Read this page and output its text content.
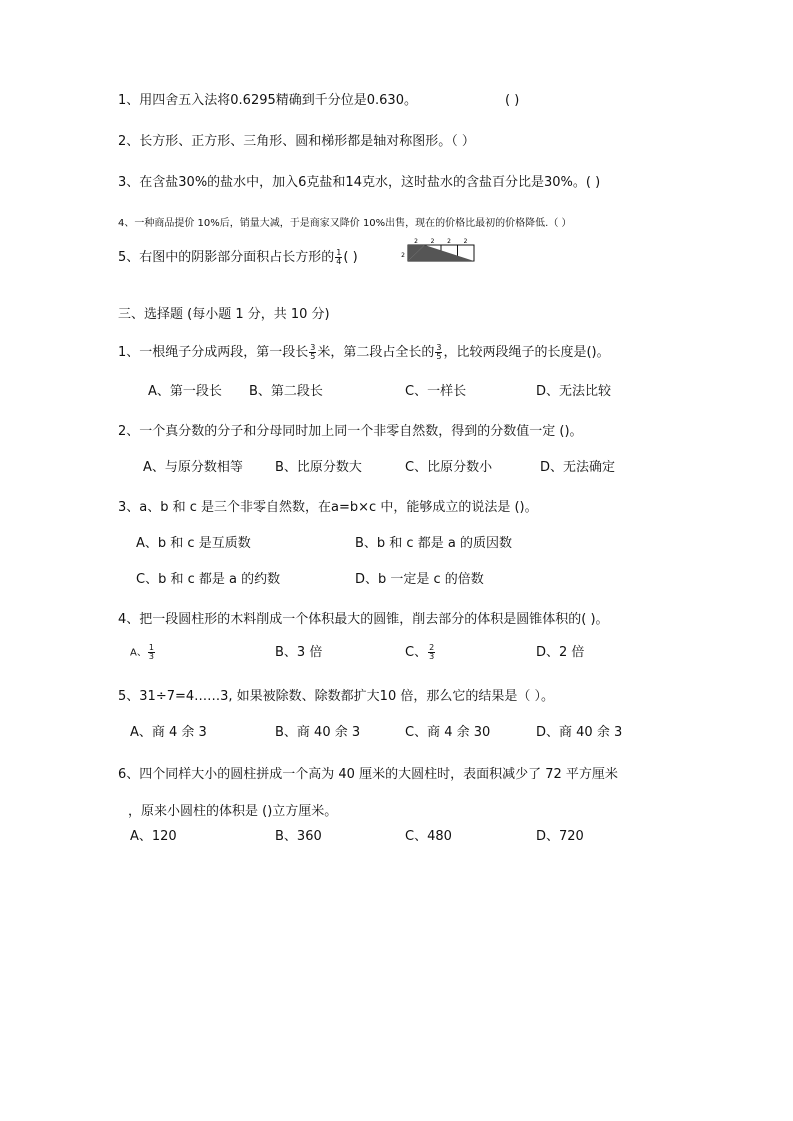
1、用四舍五入法将0.6295精确到千分位是0.630。	( )
2、长方形、正方形、三角形、圆和梯形都是轴对称图形。（ ）
3、在含盐30%的盐水中，加入6克盐和14克水，这时盐水的含盐百分比是30%。( )
4、一种商品提价 10%后，销量大减，于是商家又降价 10%出售，现在的价格比最初的价格降低.（ ）
5、右图中的阴影部分面积占长方形的 $\frac{1}{4}$ ( )
2 2 2 2
2
三、选择题 (每小题 1 分，共 10 分)
1、一根绳子分成两段，第一段长 $\frac{3}{5}$ 米，第二段占全长的 $\frac{3}{5}$ ，比较两段绳子的长度是()。
A、第一段长 B、第二段长	C、一样长	D、无法比较
2、一个真分数的分子和分母同时加上同一个非零自然数，得到的分数值一定 ()。
A、与原分数相等 B、比原分数大	C、比原分数小	D、无法确定
3、a、b 和 c 是三个非零自然数，在a=b×c 中，能够成立的说法是 ()。
A、b 和 c 是互质数	B、b 和 c 都是 a 的质因数
C、b 和 c 都是 a 的约数	D、b 一定是 c 的倍数
4、把一段圆柱形的木料削成一个体积最大的圆锥，削去部分的体积是圆锥体积的( )。
A、 $\frac{1}{3}$	B、3 倍	C、 $\frac{2}{3}$	D、2 倍
5、31÷7=4……3, 如果被除数、除数都扩大10 倍，那么它的结果是（ ）。
A、商 4 余 3	B、商 40 余 3	C、商 4 余 30	D、商 40 余 3
6、四个同样大小的圆柱拼成一个高为 40 厘米的大圆柱时，表面积减少了 72 平方厘米
，原来小圆柱的体积是 ()立方厘米。
A、120	B、360	C、480	D、720
